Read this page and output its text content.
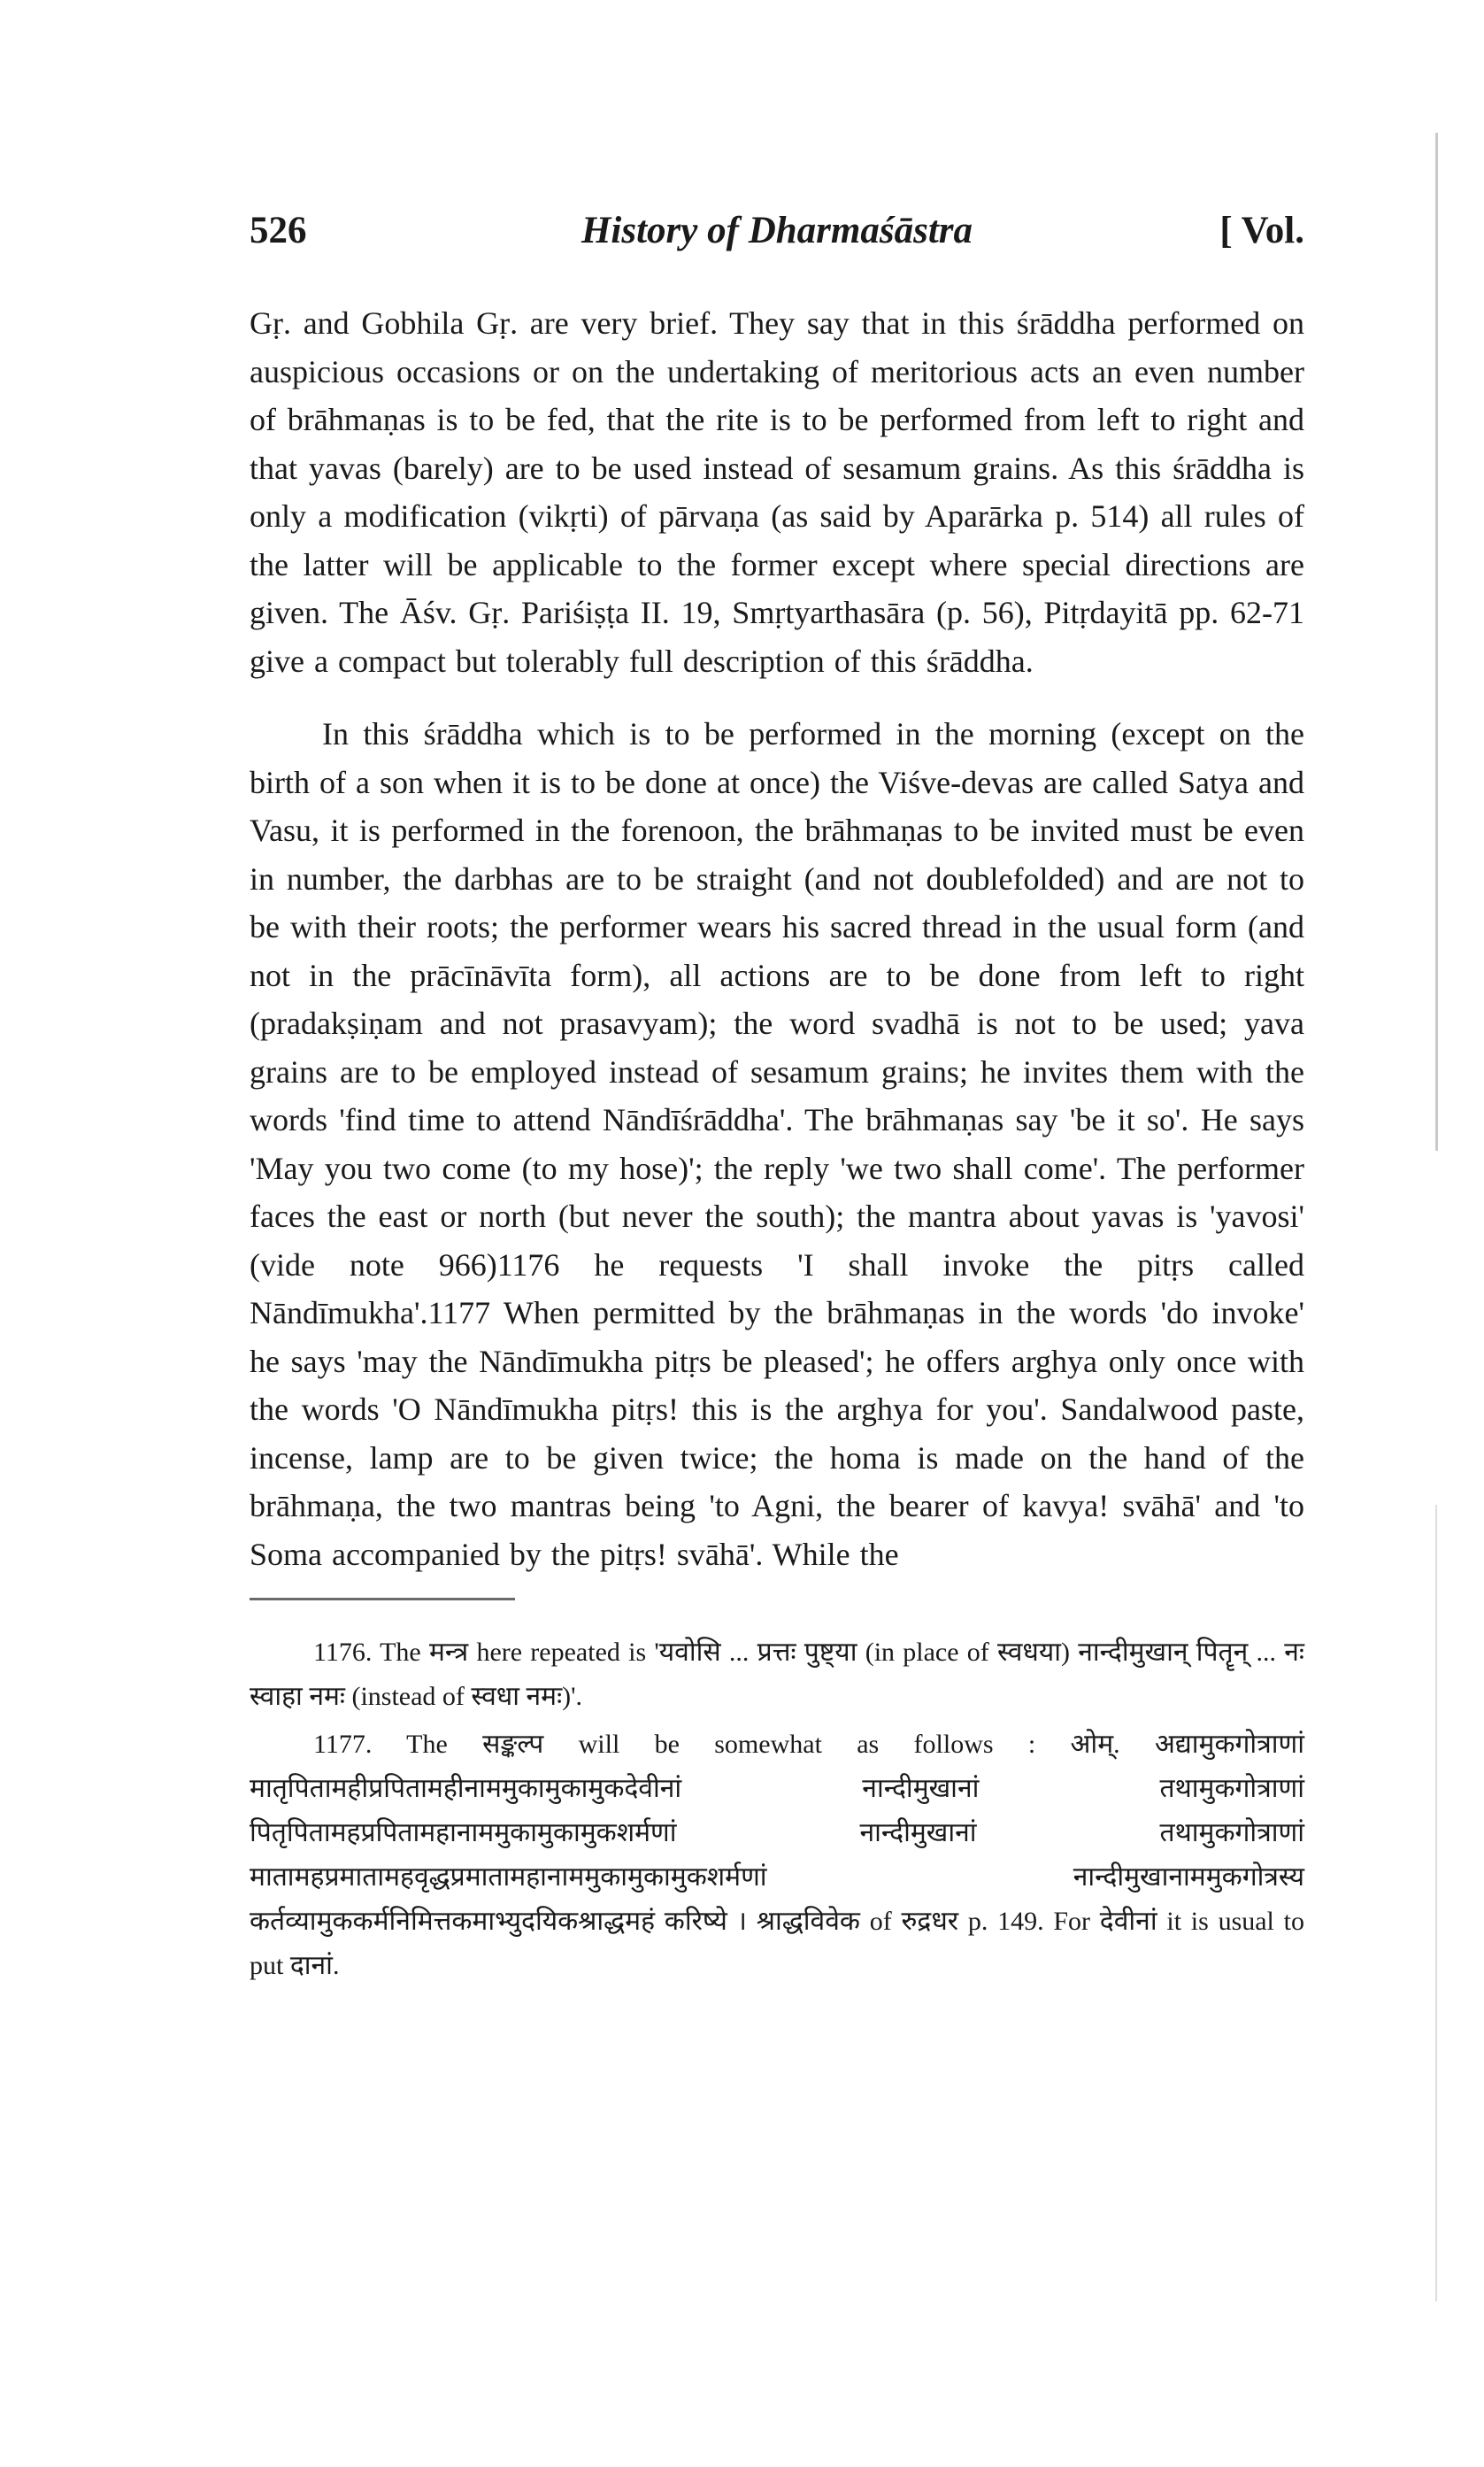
526	History of Dharmaśāstra	[ Vol.

Gṛ. and Gobhila Gṛ. are very brief. They say that in this śrāddha performed on auspicious occasions or on the undertaking of meritorious acts an even number of brāhmaṇas is to be fed, that the rite is to be performed from left to right and that yavas (barely) are to be used instead of sesamum grains. As this śrāddha is only a modification (vikṛti) of pārvaṇa (as said by Aparārka p. 514) all rules of the latter will be applicable to the former except where special directions are given. The Āśv. Gṛ. Pariśiṣṭa II. 19, Smṛtyarthasāra (p. 56), Pitṛdayitā pp. 62-71 give a compact but tolerably full description of this śrāddha.

In this śrāddha which is to be performed in the morning (except on the birth of a son when it is to be done at once) the Viśve-devas are called Satya and Vasu, it is performed in the forenoon, the brāhmaṇas to be invited must be even in number, the darbhas are to be straight (and not doublefolded) and are not to be with their roots; the performer wears his sacred thread in the usual form (and not in the prācīnāvīta form), all actions are to be done from left to right (pradakṣiṇam and not prasavyam); the word svadhā is not to be used; yava grains are to be employed instead of sesamum grains; he invites them with the words 'find time to attend Nāndīśrāddha'. The brāhmaṇas say 'be it so'. He says 'May you two come (to my hose)'; the reply 'we two shall come'. The performer faces the east or north (but never the south); the mantra about yavas is 'yavosi' (vide note 966)1176 he requests 'I shall invoke the pitṛs called Nāndīmukha'.1177 When permitted by the brāhmaṇas in the words 'do invoke' he says 'may the Nāndīmukha pitṛs be pleased'; he offers arghya only once with the words 'O Nāndīmukha pitṛs! this is the arghya for you'. Sandalwood paste, incense, lamp are to be given twice; the homa is made on the hand of the brāhmaṇa, the two mantras being 'to Agni, the bearer of kavya! svāhā' and 'to Soma accompanied by the pitṛs! svāhā'. While the

1176. The मन्त्र here repeated is 'यवोसि ... प्रत्तः पुष्ट्या (in place of स्वधया) नान्दीमुखान् पितॄन् ... नः स्वाहा नमः (instead of स्वधा नमः)'.

1177. The सङ्कल्प will be somewhat as follows : ओम्. अद्यामुकगोत्राणां मातृपितामहीप्रपितामहीनाममुकामुकामुकदेवीनां नान्दीमुखानां तथामुकगोत्राणां पितृपितामहप्रपितामहानाममुकामुकामुकशर्मणां नान्दीमुखानां तथामुकगोत्राणां मातामहप्रमातामहवृद्धप्रमातामहानाममुकामुकामुकशर्मणां नान्दीमुखानाममुकगोत्रस्य कर्तव्यामुककर्मनिमित्तकमाभ्युदयिकश्राद्धमहं करिष्ये । श्राद्धविवेक of रुद्रधर p. 149. For देवीनां it is usual to put दानां.
